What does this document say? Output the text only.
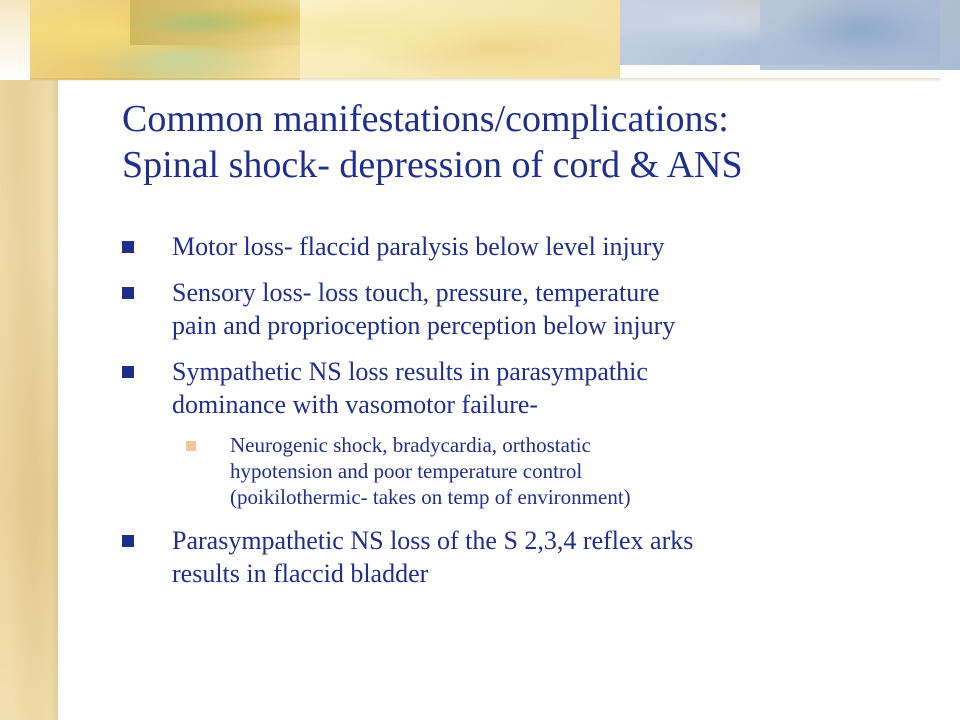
Common manifestations/complications:
Spinal shock- depression of cord & ANS
Motor loss- flaccid paralysis below level injury
Sensory loss- loss touch, pressure, temperature
pain and proprioception perception below injury
Sympathetic NS loss results in parasympathic
dominance with vasomotor failure-
Neurogenic shock, bradycardia, orthostatic
hypotension and poor temperature control
(poikilothermic- takes on temp of environment)
Parasympathetic NS loss of the S 2,3,4 reflex arks
results in flaccid bladder
